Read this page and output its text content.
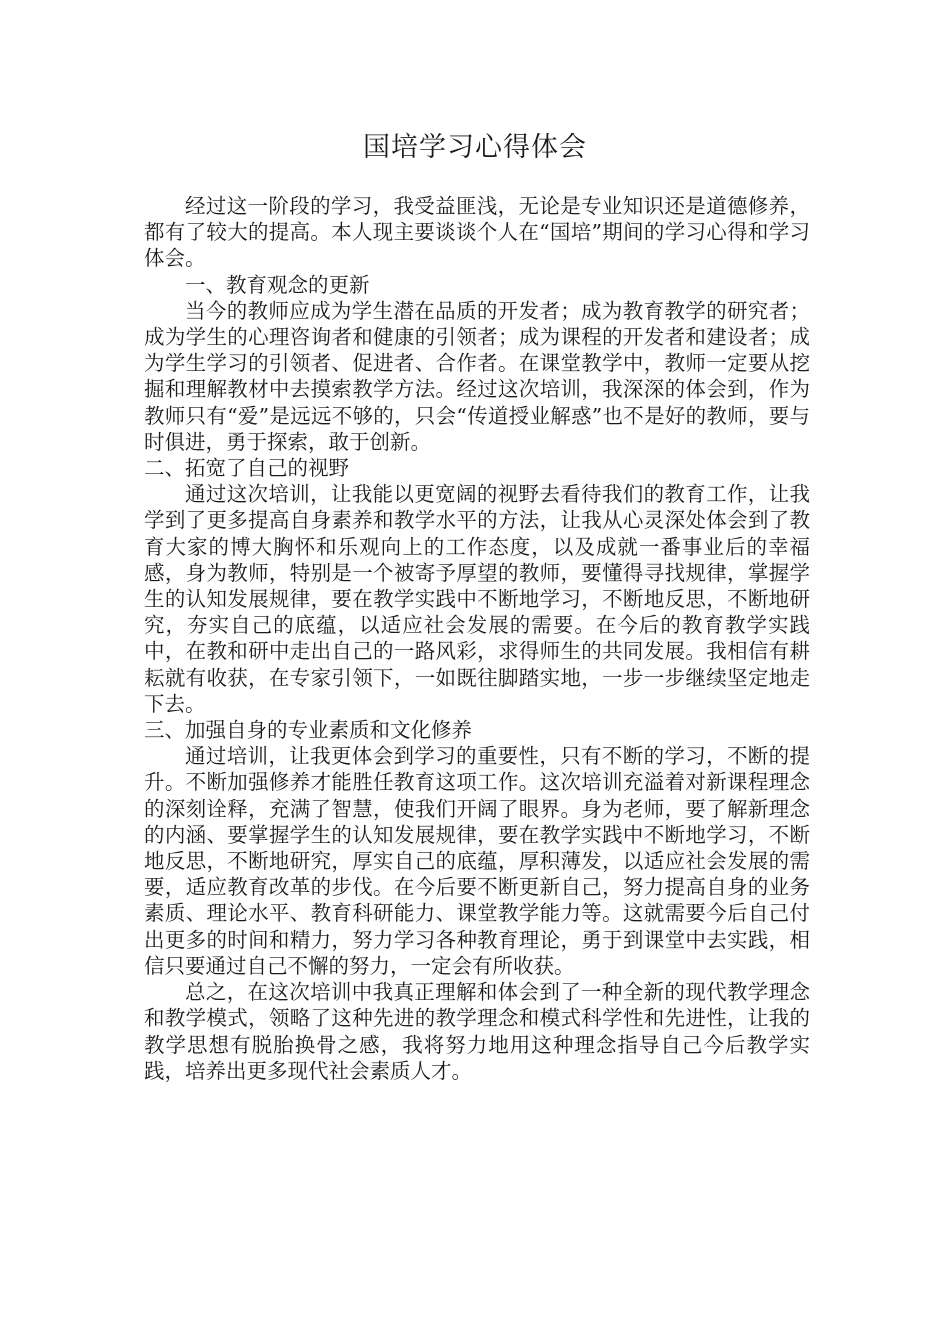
国培学习心得体会

经过这一阶段的学习，我受益匪浅，无论是专业知识还是道德修养，都有了较大的提高。本人现主要谈谈个人在“国培”期间的学习心得和学习体会。

一、教育观念的更新

当今的教师应成为学生潜在品质的开发者；成为教育教学的研究者；成为学生的心理咨询者和健康的引领者；成为课程的开发者和建设者；成为学生学习的引领者、促进者、合作者。在课堂教学中，教师一定要从挖掘和理解教材中去摸索教学方法。经过这次培训，我深深的体会到，作为教师只有“爱”是远远不够的，只会“传道授业解惑”也不是好的教师，要与时俱进，勇于探索，敢于创新。

二、拓宽了自己的视野

通过这次培训，让我能以更宽阔的视野去看待我们的教育工作，让我学到了更多提高自身素养和教学水平的方法，让我从心灵深处体会到了教育大家的博大胸怀和乐观向上的工作态度，以及成就一番事业后的幸福感，身为教师，特别是一个被寄予厚望的教师，要懂得寻找规律，掌握学生的认知发展规律，要在教学实践中不断地学习，不断地反思，不断地研究，夯实自己的底蕴，以适应社会发展的需要。在今后的教育教学实践中，在教和研中走出自己的一路风彩，求得师生的共同发展。我相信有耕耘就有收获，在专家引领下，一如既往脚踏实地，一步一步继续坚定地走下去。

三、加强自身的专业素质和文化修养

通过培训，让我更体会到学习的重要性，只有不断的学习，不断的提升。不断加强修养才能胜任教育这项工作。这次培训充溢着对新课程理念的深刻诠释，充满了智慧，使我们开阔了眼界。身为老师，要了解新理念的内涵、要掌握学生的认知发展规律，要在教学实践中不断地学习，不断地反思，不断地研究，厚实自己的底蕴，厚积薄发，以适应社会发展的需要，适应教育改革的步伐。在今后要不断更新自己，努力提高自身的业务素质、理论水平、教育科研能力、课堂教学能力等。这就需要今后自己付出更多的时间和精力，努力学习各种教育理论，勇于到课堂中去实践，相信只要通过自己不懈的努力，一定会有所收获。

总之，在这次培训中我真正理解和体会到了一种全新的现代教学理念和教学模式，领略了这种先进的教学理念和模式科学性和先进性，让我的教学思想有脱胎换骨之感，我将努力地用这种理念指导自己今后教学实践，培养出更多现代社会素质人才。
